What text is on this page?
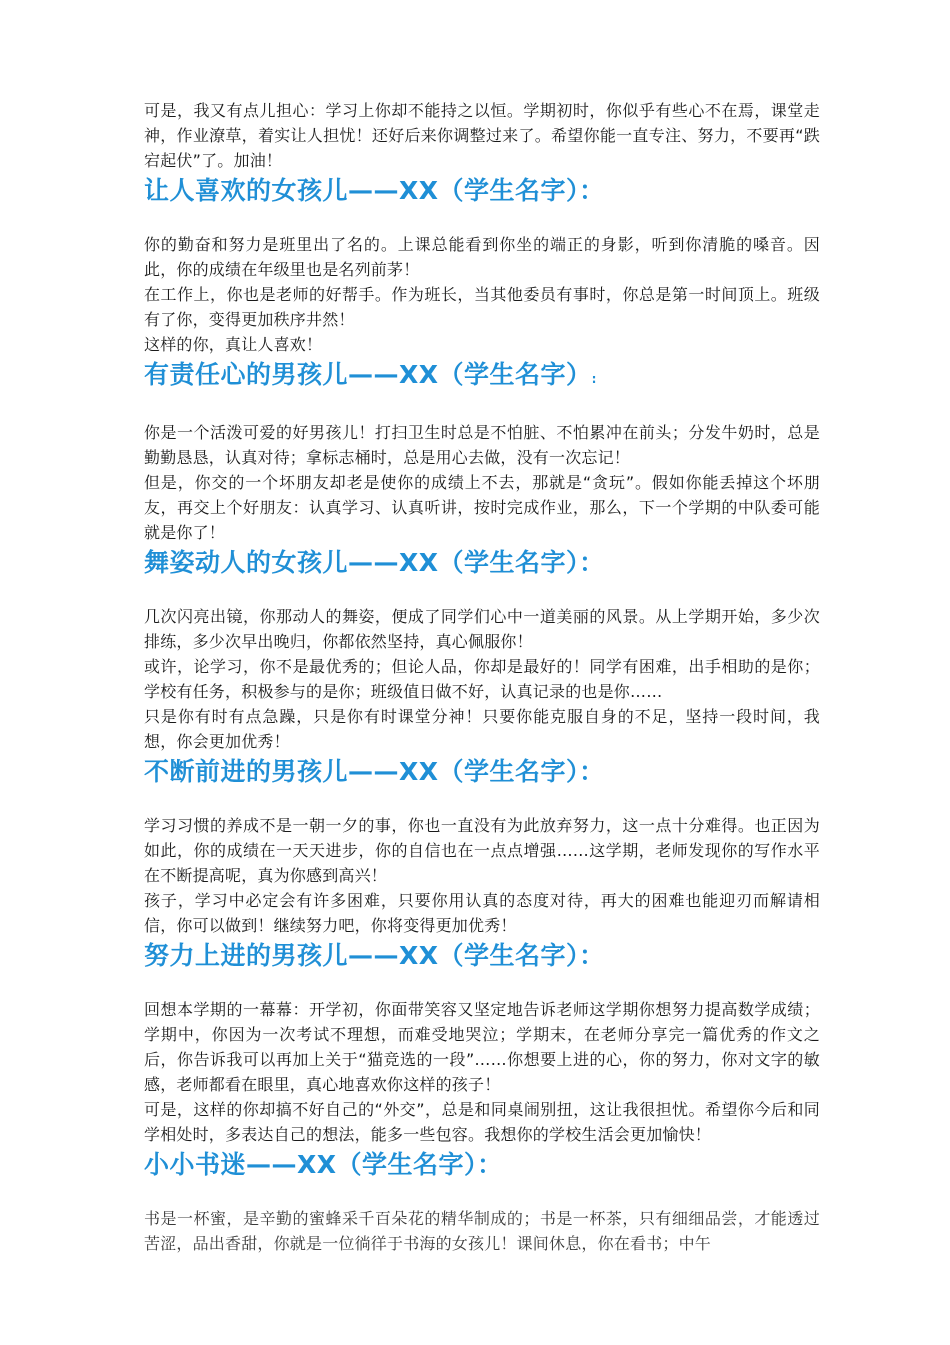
可是，我又有点儿担心：学习上你却不能持之以恒。学期初时，你似乎有些心不在焉，课堂走神，作业潦草，着实让人担忧！还好后来你调整过来了。希望你能一直专注、努力，不要再“跌宕起伏”了。加油！

让人喜欢的女孩儿——XX（学生名字）：

你的勤奋和努力是班里出了名的。上课总能看到你坐的端正的身影，听到你清脆的嗓音。因此，你的成绩在年级里也是名列前茅！

在工作上，你也是老师的好帮手。作为班长，当其他委员有事时，你总是第一时间顶上。班级有了你，变得更加秩序井然！

这样的你，真让人喜欢！

有责任心的男孩儿——XX（学生名字）:

你是一个活泼可爱的好男孩儿！打扫卫生时总是不怕脏、不怕累冲在前头；分发牛奶时，总是勤勤恳恳，认真对待；拿标志桶时，总是用心去做，没有一次忘记！

但是，你交的一个坏朋友却老是使你的成绩上不去，那就是“贪玩”。假如你能丢掉这个坏朋友，再交上个好朋友：认真学习、认真听讲，按时完成作业，那么，下一个学期的中队委可能就是你了！

舞姿动人的女孩儿——XX（学生名字）：

几次闪亮出镜，你那动人的舞姿，便成了同学们心中一道美丽的风景。从上学期开始，多少次排练，多少次早出晚归，你都依然坚持，真心佩服你！

或许，论学习，你不是最优秀的；但论人品，你却是最好的！同学有困难，出手相助的是你；学校有任务，积极参与的是你；班级值日做不好，认真记录的也是你……

只是你有时有点急躁，只是你有时课堂分神！只要你能克服自身的不足，坚持一段时间，我想，你会更加优秀！

不断前进的男孩儿——XX（学生名字）：

学习习惯的养成不是一朝一夕的事，你也一直没有为此放弃努力，这一点十分难得。也正因为如此，你的成绩在一天天进步，你的自信也在一点点增强……这学期，老师发现你的写作水平在不断提高呢，真为你感到高兴！

孩子，学习中必定会有许多困难，只要你用认真的态度对待，再大的困难也能迎刃而解请相信，你可以做到！继续努力吧，你将变得更加优秀！

努力上进的男孩儿——XX（学生名字）：

回想本学期的一幕幕：开学初，你面带笑容又坚定地告诉老师这学期你想努力提高数学成绩；学期中，你因为一次考试不理想，而难受地哭泣；学期末，在老师分享完一篇优秀的作文之后，你告诉我可以再加上关于“猫竞选的一段”……你想要上进的心，你的努力，你对文字的敏感，老师都看在眼里，真心地喜欢你这样的孩子！

可是，这样的你却搞不好自己的“外交”，总是和同桌闹别扭，这让我很担忧。希望你今后和同学相处时，多表达自己的想法，能多一些包容。我想你的学校生活会更加愉快！

小小书迷——XX（学生名字）：

书是一杯蜜，是辛勤的蜜蜂采千百朵花的精华制成的；书是一杯茶，只有细细品尝，才能透过苦涩，品出香甜，你就是一位徜徉于书海的女孩儿！课间休息，你在看书；中午
